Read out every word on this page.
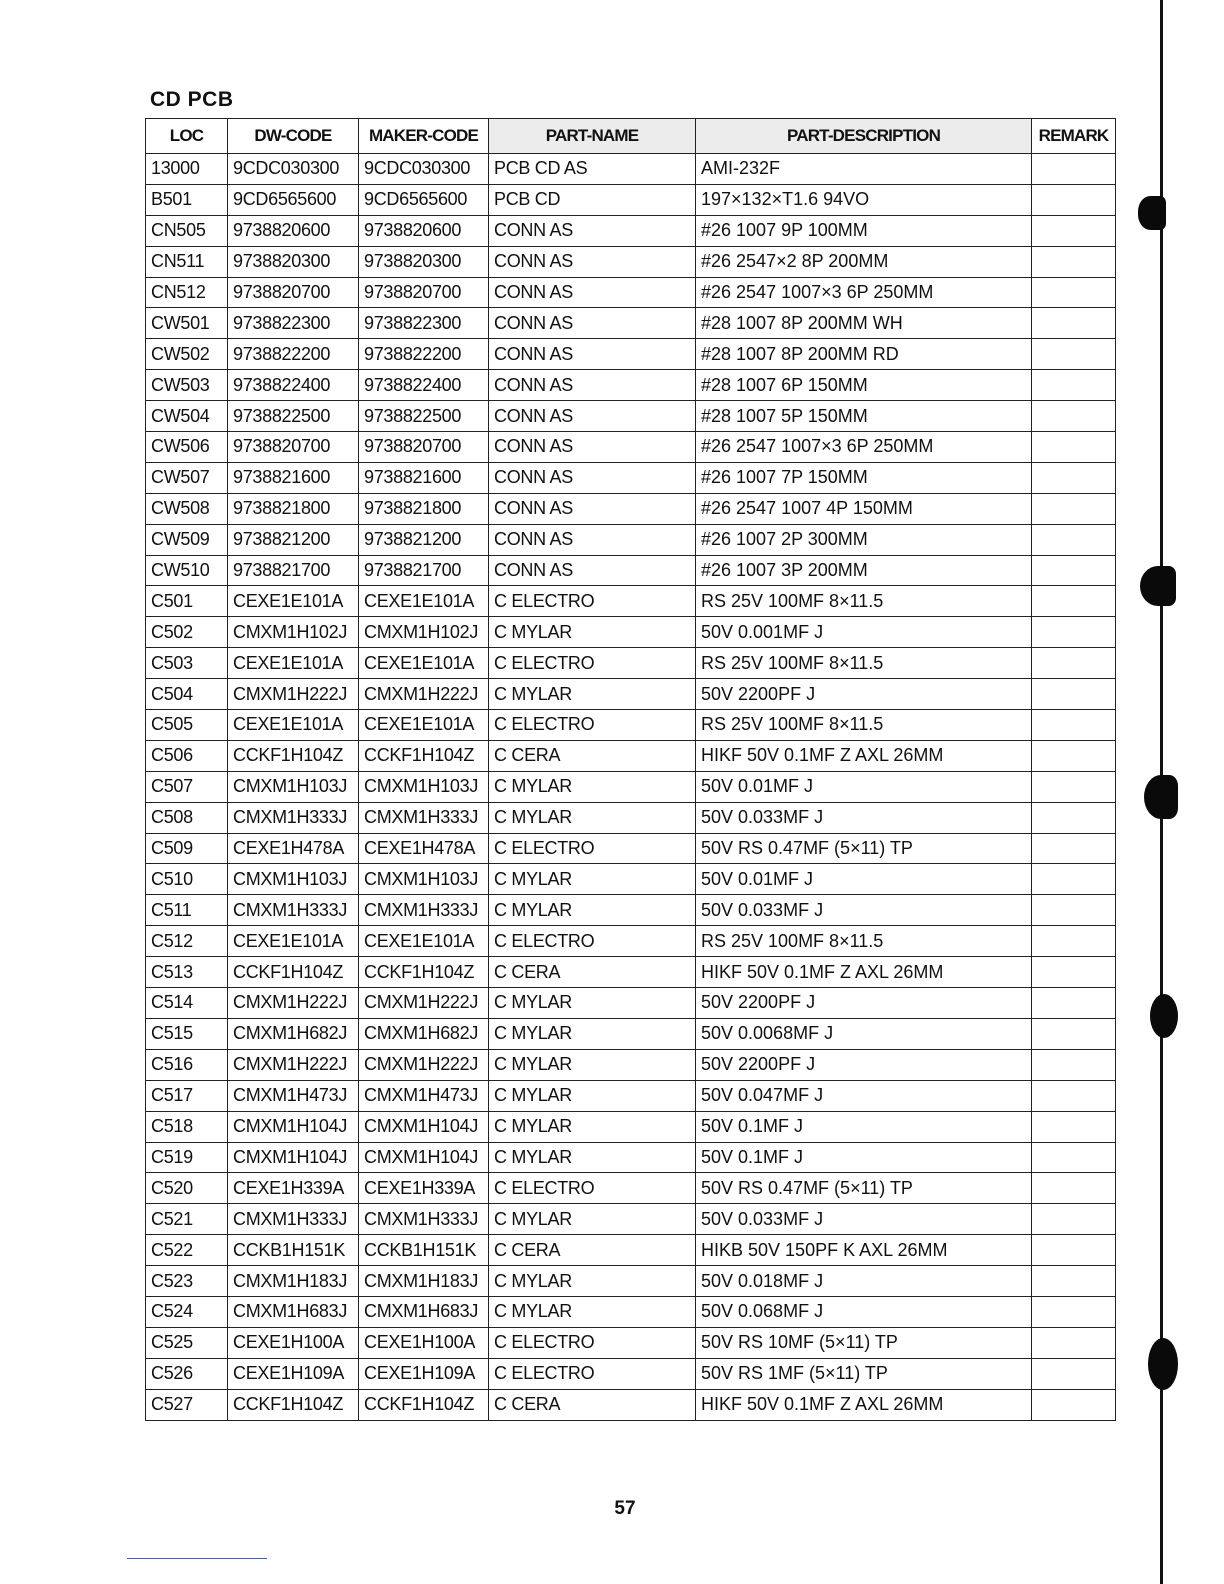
CD PCB
LOC	DW-CODE	MAKER-CODE	PART-NAME	PART-DESCRIPTION	REMARK
13000	9CDC030300	9CDC030300	PCB CD AS	AMI-232F	
B501	9CD6565600	9CD6565600	PCB CD	197×132×T1.6 94VO	
CN505	9738820600	9738820600	CONN AS	#26 1007 9P 100MM	
CN511	9738820300	9738820300	CONN AS	#26 2547×2 8P 200MM	
CN512	9738820700	9738820700	CONN AS	#26 2547 1007×3 6P 250MM	
CW501	9738822300	9738822300	CONN AS	#28 1007 8P 200MM WH	
CW502	9738822200	9738822200	CONN AS	#28 1007 8P 200MM RD	
CW503	9738822400	9738822400	CONN AS	#28 1007 6P 150MM	
CW504	9738822500	9738822500	CONN AS	#28 1007 5P 150MM	
CW506	9738820700	9738820700	CONN AS	#26 2547 1007×3 6P 250MM	
CW507	9738821600	9738821600	CONN AS	#26 1007 7P 150MM	
CW508	9738821800	9738821800	CONN AS	#26 2547 1007 4P 150MM	
CW509	9738821200	9738821200	CONN AS	#26 1007 2P 300MM	
CW510	9738821700	9738821700	CONN AS	#26 1007 3P 200MM	
C501	CEXE1E101A	CEXE1E101A	C ELECTRO	RS 25V 100MF 8×11.5	
C502	CMXM1H102J	CMXM1H102J	C MYLAR	50V 0.001MF J	
C503	CEXE1E101A	CEXE1E101A	C ELECTRO	RS 25V 100MF 8×11.5	
C504	CMXM1H222J	CMXM1H222J	C MYLAR	50V 2200PF J	
C505	CEXE1E101A	CEXE1E101A	C ELECTRO	RS 25V 100MF 8×11.5	
C506	CCKF1H104Z	CCKF1H104Z	C CERA	HIKF 50V 0.1MF Z AXL 26MM	
C507	CMXM1H103J	CMXM1H103J	C MYLAR	50V 0.01MF J	
C508	CMXM1H333J	CMXM1H333J	C MYLAR	50V 0.033MF J	
C509	CEXE1H478A	CEXE1H478A	C ELECTRO	50V RS 0.47MF (5×11) TP	
C510	CMXM1H103J	CMXM1H103J	C MYLAR	50V 0.01MF J	
C511	CMXM1H333J	CMXM1H333J	C MYLAR	50V 0.033MF J	
C512	CEXE1E101A	CEXE1E101A	C ELECTRO	RS 25V 100MF 8×11.5	
C513	CCKF1H104Z	CCKF1H104Z	C CERA	HIKF 50V 0.1MF Z AXL 26MM	
C514	CMXM1H222J	CMXM1H222J	C MYLAR	50V 2200PF J	
C515	CMXM1H682J	CMXM1H682J	C MYLAR	50V 0.0068MF J	
C516	CMXM1H222J	CMXM1H222J	C MYLAR	50V 2200PF J	
C517	CMXM1H473J	CMXM1H473J	C MYLAR	50V 0.047MF J	
C518	CMXM1H104J	CMXM1H104J	C MYLAR	50V 0.1MF J	
C519	CMXM1H104J	CMXM1H104J	C MYLAR	50V 0.1MF J	
C520	CEXE1H339A	CEXE1H339A	C ELECTRO	50V RS 0.47MF (5×11) TP	
C521	CMXM1H333J	CMXM1H333J	C MYLAR	50V 0.033MF J	
C522	CCKB1H151K	CCKB1H151K	C CERA	HIKB 50V 150PF K AXL 26MM	
C523	CMXM1H183J	CMXM1H183J	C MYLAR	50V 0.018MF J	
C524	CMXM1H683J	CMXM1H683J	C MYLAR	50V 0.068MF J	
C525	CEXE1H100A	CEXE1H100A	C ELECTRO	50V RS 10MF (5×11) TP	
C526	CEXE1H109A	CEXE1H109A	C ELECTRO	50V RS 1MF (5×11) TP	
C527	CCKF1H104Z	CCKF1H104Z	C CERA	HIKF 50V 0.1MF Z AXL 26MM	
57
